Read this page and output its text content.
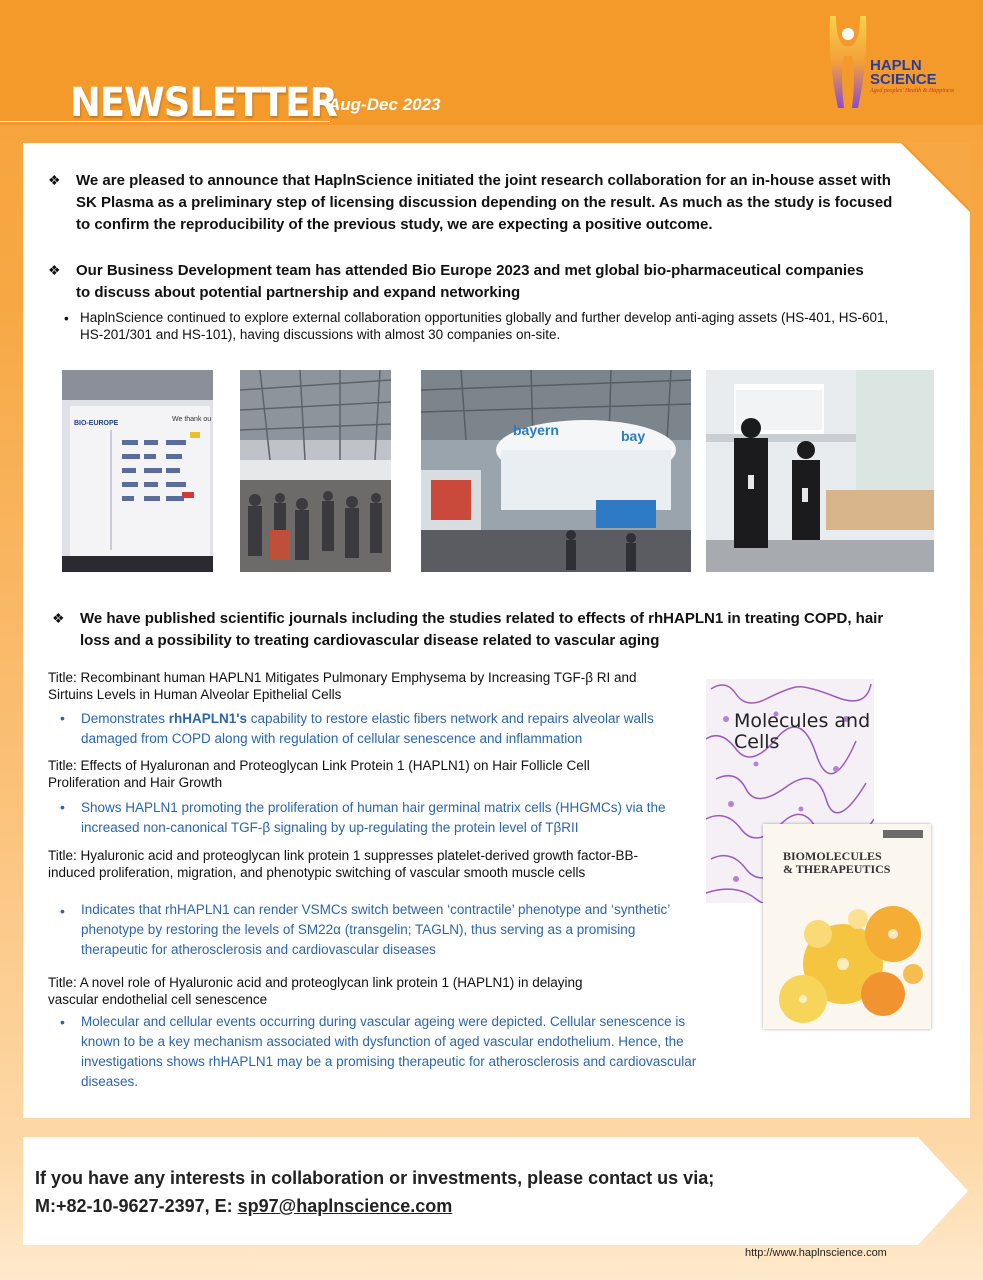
NEWSLETTER
Aug-Dec 2023
HAPLN
SCIENCE
Aged peoples' Health & Happiness
❖ We are pleased to announce that HaplnScience initiated the joint research collaboration for an in-house asset with SK Plasma as a preliminary step of licensing discussion depending on the result. As much as the study is focused to confirm the reproducibility of the previous study, we are expecting a positive outcome.
❖ Our Business Development team has attended Bio Europe 2023 and met global bio-pharmaceutical companies to discuss about potential partnership and expand networking
• HaplnScience continued to explore external collaboration opportunities globally and further develop anti-aging assets (HS-401, HS-601, HS-201/301 and HS-101), having discussions with almost 30 companies on-site.
BIO-EUROPE
We thank ou
bayern	bay
❖ We have published scientific journals including the studies related to effects of rhHAPLN1 in treating COPD, hair loss and a possibility to treating cardiovascular disease related to vascular aging
Title: Recombinant human HAPLN1 Mitigates Pulmonary Emphysema by Increasing TGF-β RI and Sirtuins Levels in Human Alveolar Epithelial Cells
• Demonstrates rhHAPLN1's capability to restore elastic fibers network and repairs alveolar walls damaged from COPD along with regulation of cellular senescence and inflammation
Title: Effects of Hyaluronan and Proteoglycan Link Protein 1 (HAPLN1) on Hair Follicle Cell Proliferation and Hair Growth
• Shows HAPLN1 promoting the proliferation of human hair germinal matrix cells (HHGMCs) via the increased non-canonical TGF-β signaling by up-regulating the protein level of TβRII
Title: Hyaluronic acid and proteoglycan link protein 1 suppresses platelet-derived growth factor-BB-induced proliferation, migration, and phenotypic switching of vascular smooth muscle cells
• Indicates that rhHAPLN1 can render VSMCs switch between ‘contractile’ phenotype and ‘synthetic’ phenotype by restoring the levels of SM22α (transgelin; TAGLN), thus serving as a promising therapeutic for atherosclerosis and cardiovascular diseases
Title: A novel role of Hyaluronic acid and proteoglycan link protein 1 (HAPLN1) in delaying vascular endothelial cell senescence
• Molecular and cellular events occurring during vascular ageing were depicted. Cellular senescence is known to be a key mechanism associated with dysfunction of aged vascular endothelium. Hence, the investigations shows rhHAPLN1 may be a promising therapeutic for atherosclerosis and cardiovascular diseases.
Molecules and Cells
BIOMOLECULES
& THERAPEUTICS
If you have any interests in collaboration or investments, please contact us via;
M:+82-10-9627-2397, E: sp97@haplnscience.com
http://www.haplnscience.com
